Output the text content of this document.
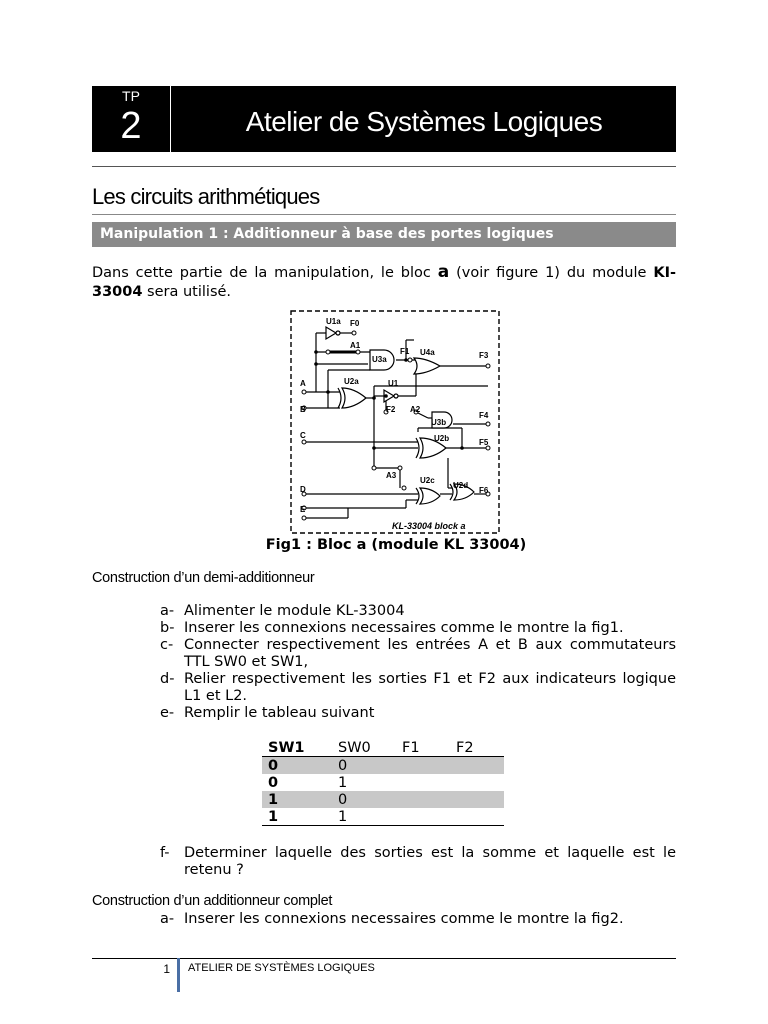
TP
2	Atelier de Systèmes Logiques
Les circuits arithmétiques
Manipulation 1 : Additionneur à base des portes logiques
Dans cette partie de la manipulation, le bloc a (voir figure 1) du module KI-33004 sera utilisé.
U1a F0
A1
F1 U4a
U3a	F3
A	U2a	U1
B	F2 A2
F4
U3b
C	U2b	F5
A3
U2c
U2d
F6
D
E
KL-33004 block a
Fig1 : Bloc a (module KL 33004)
Construction d’un demi-additionneur
a- Alimenter le module KL-33004
b- Inserer les connexions necessaires comme le montre la fig1.
c- Connecter respectivement les entrées A et B aux commutateurs TTL SW0 et SW1,
d- Relier respectivement les sorties F1 et F2 aux indicateurs logique L1 et L2.
e- Remplir le tableau suivant
SW1	SW0	F1	F2
0	0		
0	1		
1	0		
1	1		
f- Determiner laquelle des sorties est la somme et laquelle est le retenu ?
Construction d’un additionneur complet
a- Inserer les connexions necessaires comme le montre la fig2.
1 ATELIER DE SYSTÈMES LOGIQUES
